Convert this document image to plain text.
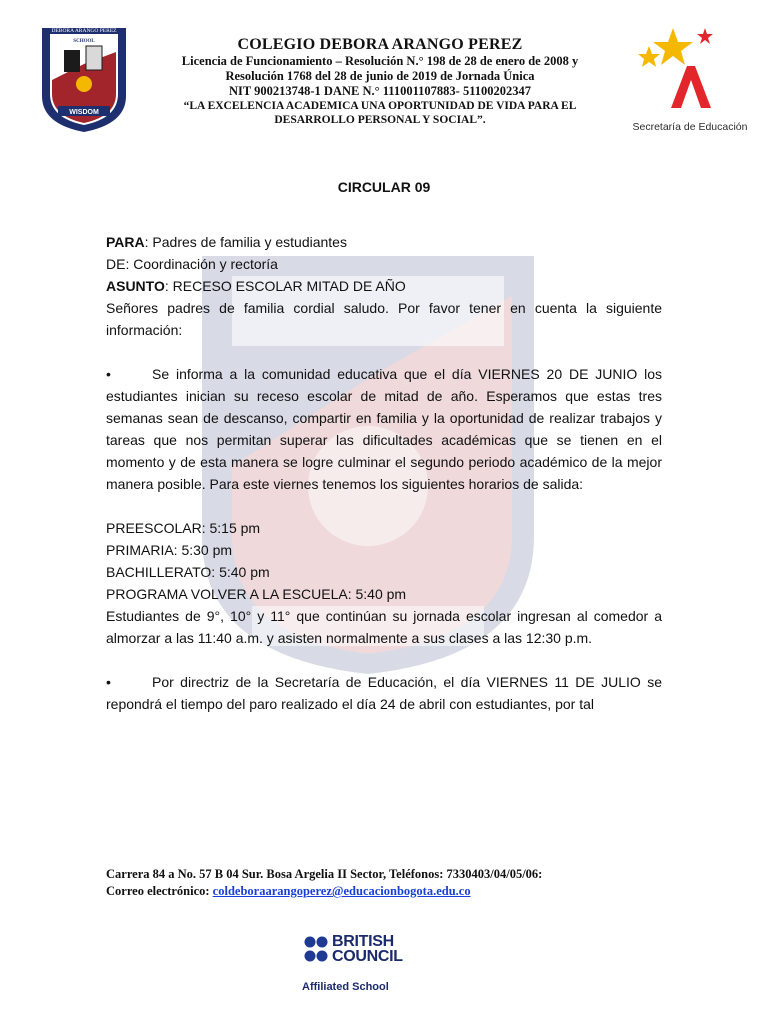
WISDOM
DEBORA ARANGO PEREZ
SCHOOL	COLEGIO DEBORA ARANGO PEREZ
Licencia de Funcionamiento – Resolución N.° 198 de 28 de enero de 2008 y
Resolución 1768 del 28 de junio de 2019 de Jornada Única
NIT 900213748-1 DANE N.° 111001107883- 51100202347
“LA EXCELENCIA ACADEMICA UNA OPORTUNIDAD DE VIDA PARA EL
DESARROLLO PERSONAL Y SOCIAL”.
Secretaría de Educación
CIRCULAR 09

PARA: Padres de familia y estudiantes

DE: Coordinación y rectoría

ASUNTO: RECESO ESCOLAR MITAD DE AÑO

Señores padres de familia cordial saludo. Por favor tener en cuenta la siguiente información:

•	Se informa a la comunidad educativa que el día VIERNES 20 DE JUNIO los estudiantes inician su receso escolar de mitad de año. Esperamos que estas tres semanas sean de descanso, compartir en familia y la oportunidad de realizar trabajos y tareas que nos permitan superar las dificultades académicas que se tienen en el momento y de esta manera se logre culminar el segundo periodo académico de la mejor manera posible. Para este viernes tenemos los siguientes horarios de salida:

PREESCOLAR: 5:15 pm

PRIMARIA: 5:30 pm

BACHILLERATO: 5:40 pm

PROGRAMA VOLVER A LA ESCUELA: 5:40 pm

Estudiantes de 9°, 10° y 11° que continúan su jornada escolar ingresan al comedor a almorzar a las 11:40 a.m. y asisten normalmente a sus clases a las 12:30 p.m.

•	Por directriz de la Secretaría de Educación, el día VIERNES 11 DE JULIO se repondrá el tiempo del paro realizado el día 24 de abril con estudiantes, por tal

Carrera 84 a No. 57 B 04 Sur. Bosa Argelia II Sector, Teléfonos: 7330403/04/05/06:
Correo electrónico: coldeboraarangoperez@educacionbogota.edu.co
BRITISH
COUNCIL
Affiliated School
